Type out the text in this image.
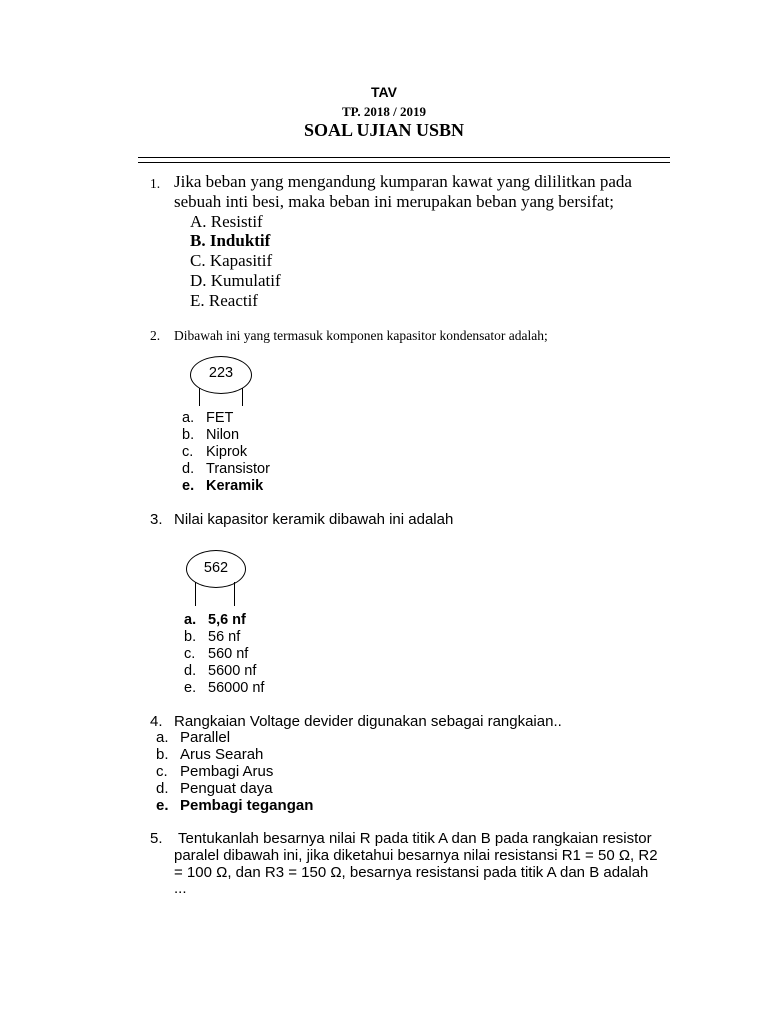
TAV
TP. 2018 / 2019
SOAL UJIAN USBN
1. Jika beban yang mengandung kumparan kawat yang dililitkan pada
sebuah inti besi, maka beban ini merupakan beban yang bersifat;
A. Resistif
B. Induktif
C. Kapasitif
D. Kumulatif
E. Reactif
2. Dibawah ini yang termasuk komponen kapasitor kondensator adalah;
223
a. FET
b. Nilon
c. Kiprok
d. Transistor
e. Keramik
3. Nilai kapasitor keramik dibawah ini adalah
562
a. 5,6 nf
b. 56 nf
c. 560 nf
d. 5600 nf
e. 56000 nf
4. Rangkaian Voltage devider digunakan sebagai rangkaian..
a. Parallel
b. Arus Searah
c. Pembagi Arus
d. Penguat daya
e. Pembagi tegangan
5. Tentukanlah besarnya nilai R pada titik A dan B pada rangkaian resistor
paralel dibawah ini, jika diketahui besarnya nilai resistansi R1 = 50 Ω, R2
= 100 Ω, dan R3 = 150 Ω, besarnya resistansi pada titik A dan B adalah
...
